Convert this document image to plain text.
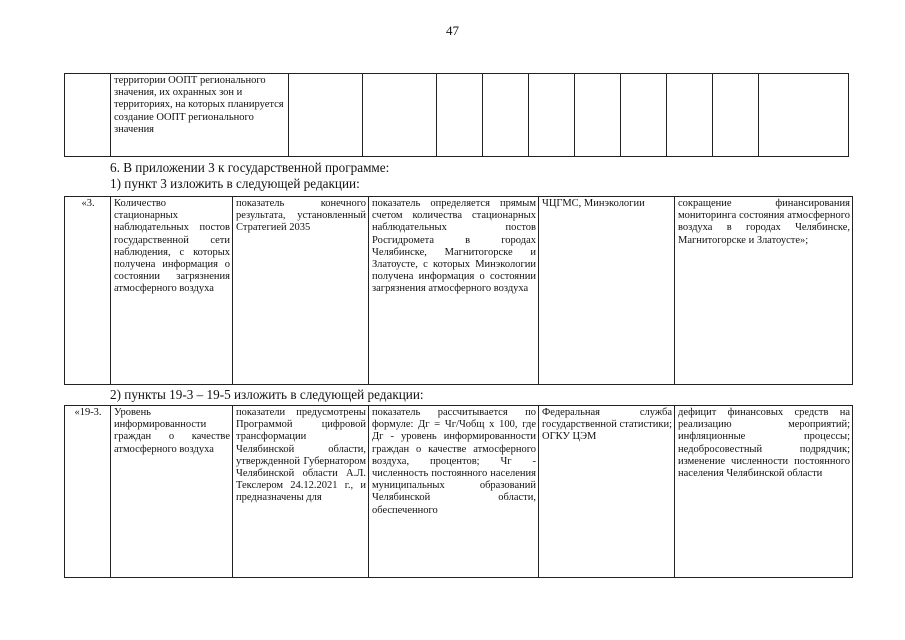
47
	территории ООПТ регионального значения, их охранных зон и территориях, на которых планируется создание ООПТ регионального значения										
6. В приложении 3 к государственной программе:
1) пункт 3 изложить в следующей редакции:
«3.	Количество стационарных наблюдательных постов государственной сети наблюдения, с которых получена информация о состоянии загрязнения атмосферного воздуха	показатель конечного результата, установленный Стратегией 2035	показатель определяется прямым счетом количества стационарных наблюдательных постов Росгидромета в городах Челябинске, Магнитогорске и Златоусте, с которых Минэкологии получена информация о состоянии загрязнения атмосферного воздуха	ЧЦГМС, Минэкологии	сокращение финансирования мониторинга состояния атмосферного воздуха в городах Челябинске, Магнитогорске и Златоусте»;
2) пункты 19-3 – 19-5 изложить в следующей редакции:
«19-3.	Уровень информированности граждан о качестве атмосферного воздуха	показатели предусмотрены Программой цифровой трансформации Челябинской области, утвержденной Губернатором Челябинской области А.Л. Текслером 24.12.2021 г., и предназначены для	показатель рассчитывается по формуле: Дг = Чг/Чобщ х 100, где Дг - уровень информированности граждан о качестве атмосферного воздуха, процентов; Чг - численность постоянного населения муниципальных образований Челябинской области, обеспеченного	Федеральная служба государственной статистики; ОГКУ ЦЭМ	дефицит финансовых средств на реализацию мероприятий; инфляционные процессы; недобросовестный подрядчик; изменение численности постоянного населения Челябинской области
